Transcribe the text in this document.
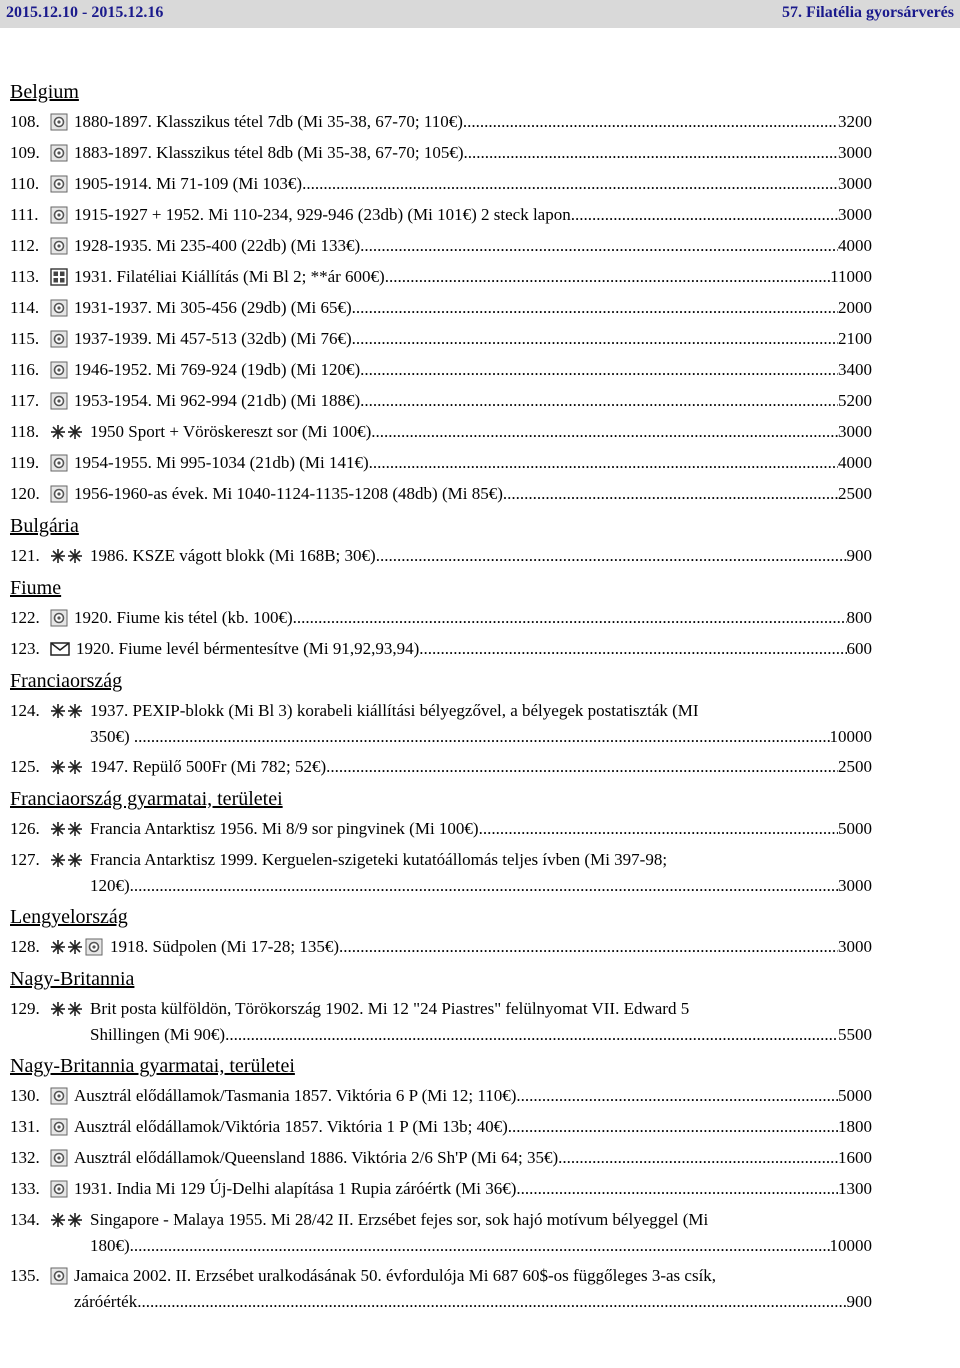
2015.12.10 - 2015.12.16	57. Filatélia gyorsárverés
Belgium
108.	1880-1897. Klasszikus tétel 7db (Mi 35-38, 67-70; 110€) .....	3200
109.	1883-1897. Klasszikus tétel 8db (Mi 35-38, 67-70; 105€) .....	3000
110.	1905-1914. Mi 71-109 (Mi 103€) .....	3000
111.	1915-1927 + 1952. Mi 110-234, 929-946 (23db) (Mi 101€) 2 steck lapon .....	3000
112.	1928-1935. Mi 235-400 (22db) (Mi 133€) .....	4000
113.	1931. Filatéliai Kiállítás (Mi Bl 2; **ár 600€) .....	11000
114.	1931-1937. Mi 305-456 (29db) (Mi 65€) .....	2000
115.	1937-1939. Mi 457-513 (32db) (Mi 76€) .....	2100
116.	1946-1952. Mi 769-924 (19db) (Mi 120€) .....	3400
117.	1953-1954. Mi 962-994 (21db) (Mi 188€) .....	5200
118.	1950 Sport + Vöröskereszt sor (Mi 100€) .....	3000
119.	1954-1955. Mi 995-1034 (21db) (Mi 141€) .....	4000
120.	1956-1960-as évek. Mi 1040-1124-1135-1208 (48db) (Mi 85€) .....	2500
Bulgária
121.	1986. KSZE vágott blokk (Mi 168B; 30€) .....	900
Fiume
122.	1920. Fiume kis tétel (kb. 100€) .....	800
123.	1920. Fiume levél bérmentesítve (Mi 91,92,93,94) .....	600
Franciaország
124.	1937. PEXIP-blokk (Mi Bl 3) korabeli kiállítási bélyegzővel, a bélyegek postatiszták (MI
350€) . .....	10000
125.	1947. Repülő 500Fr (Mi 782; 52€) .....	2500
Franciaország gyarmatai, területei
126.	Francia Antarktisz 1956. Mi 8/9 sor pingvinek (Mi 100€) .....	5000
127.	Francia Antarktisz 1999. Kerguelen-szigeteki kutatóállomás teljes ívben (Mi 397-98;
120€).... .....	3000
Lengyelország
128.	1918. Südpolen (Mi 17-28; 135€) .....	3000
Nagy-Britannia
129.	Brit posta külföldön, Törökország 1902. Mi 12 "24 Piastres" felülnyomat VII. Edward 5
Shillingen (Mi 90€) .....	5500
Nagy-Britannia gyarmatai, területei
130.	Ausztrál elődállamok/Tasmania 1857. Viktória 6 P (Mi 12; 110€). .....	5000
131.	Ausztrál elődállamok/Viktória 1857. Viktória 1 P (Mi 13b; 40€) .....	1800
132.	Ausztrál elődállamok/Queensland 1886. Viktória 2/6 Sh'P (Mi 64; 35€) .....	1600
133.	1931. India Mi 129 Új-Delhi alapítása 1 Rupia záróértk (Mi 36€) .....	1300
134.	Singapore - Malaya 1955. Mi 28/42 II. Erzsébet fejes sor, sok hajó motívum bélyeggel (Mi
180€) .....	10000
135.	Jamaica 2002. II. Erzsébet uralkodásának 50. évfordulója Mi 687 60$-os függőleges 3-as csík,
záróérték .....	900
